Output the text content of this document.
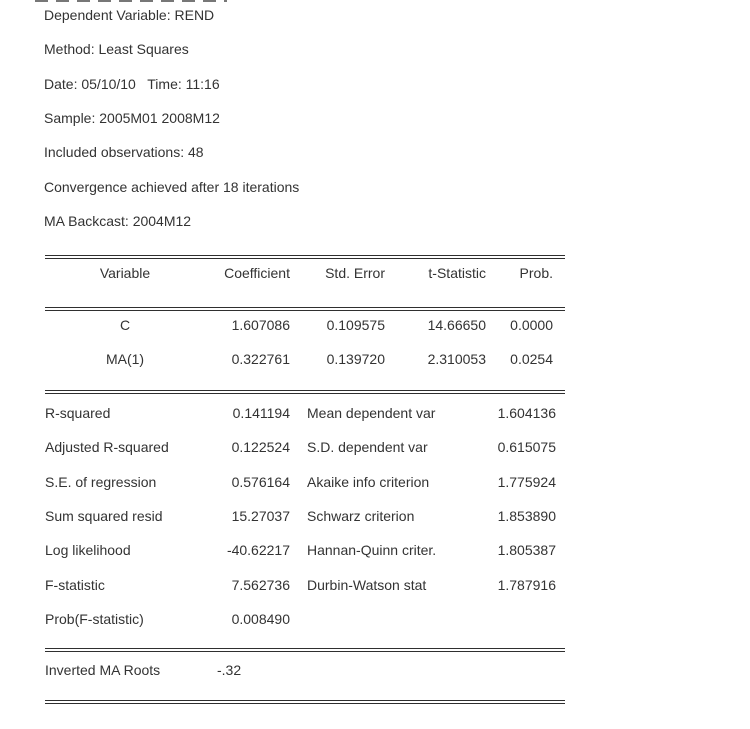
Dependent Variable: REND
Method: Least Squares
Date: 05/10/10   Time: 11:16
Sample: 2005M01 2008M12
Included observations: 48
Convergence achieved after 18 iterations
MA Backcast: 2004M12
Variable	Coefficient	Std. Error	t-Statistic	Prob.
C	1.607086	0.109575	14.66650	0.0000
MA(1)	0.322761	0.139720	2.310053	0.0254
R-squared	0.141194 Mean dependent var	1.604136
Adjusted R-squared	0.122524 S.D. dependent var	0.615075
S.E. of regression	0.576164 Akaike info criterion	1.775924
Sum squared resid	15.27037 Schwarz criterion	1.853890
Log likelihood	-40.62217 Hannan-Quinn criter.	1.805387
F-statistic	7.562736 Durbin-Watson stat	1.787916
Prob(F-statistic)	0.008490
Inverted MA Roots	-.32
